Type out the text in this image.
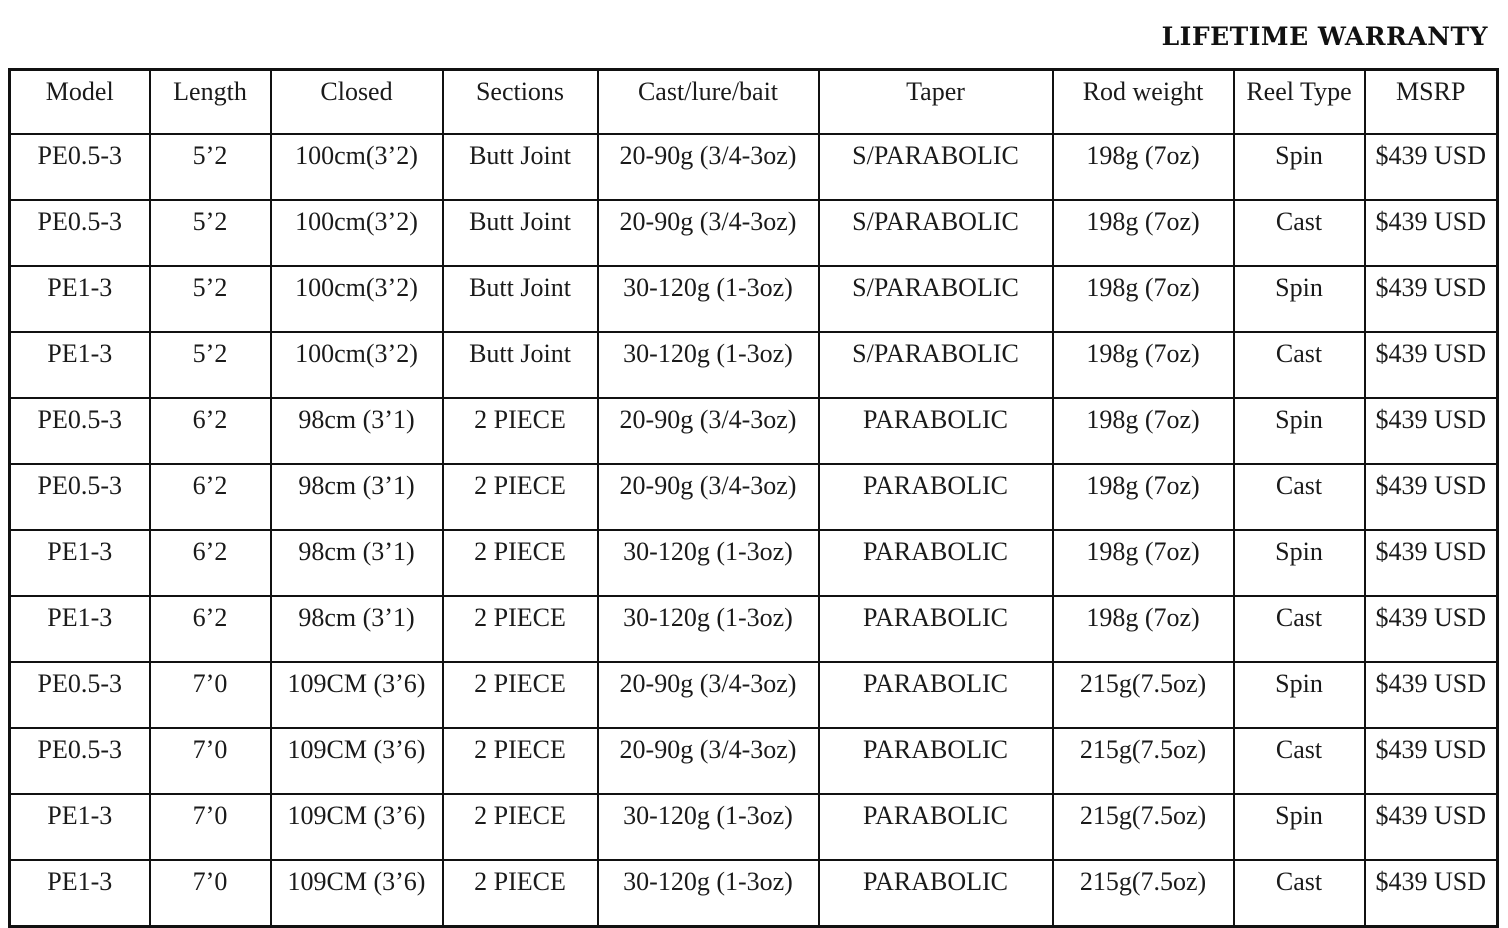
LIFETIME WARRANTY
Model	Length	Closed	Sections	Cast/lure/bait	Taper	Rod weight	Reel Type	MSRP
PE0.5-3	5’2	100cm(3’2)	Butt Joint	20-90g (3/4-3oz)	S/PARABOLIC	198g (7oz)	Spin	$439 USD
PE0.5-3	5’2	100cm(3’2)	Butt Joint	20-90g (3/4-3oz)	S/PARABOLIC	198g (7oz)	Cast	$439 USD
PE1-3	5’2	100cm(3’2)	Butt Joint	30-120g (1-3oz)	S/PARABOLIC	198g (7oz)	Spin	$439 USD
PE1-3	5’2	100cm(3’2)	Butt Joint	30-120g (1-3oz)	S/PARABOLIC	198g (7oz)	Cast	$439 USD
PE0.5-3	6’2	98cm (3’1)	2 PIECE	20-90g (3/4-3oz)	PARABOLIC	198g (7oz)	Spin	$439 USD
PE0.5-3	6’2	98cm (3’1)	2 PIECE	20-90g (3/4-3oz)	PARABOLIC	198g (7oz)	Cast	$439 USD
PE1-3	6’2	98cm (3’1)	2 PIECE	30-120g (1-3oz)	PARABOLIC	198g (7oz)	Spin	$439 USD
PE1-3	6’2	98cm (3’1)	2 PIECE	30-120g (1-3oz)	PARABOLIC	198g (7oz)	Cast	$439 USD
PE0.5-3	7’0	109CM (3’6)	2 PIECE	20-90g (3/4-3oz)	PARABOLIC	215g(7.5oz)	Spin	$439 USD
PE0.5-3	7’0	109CM (3’6)	2 PIECE	20-90g (3/4-3oz)	PARABOLIC	215g(7.5oz)	Cast	$439 USD
PE1-3	7’0	109CM (3’6)	2 PIECE	30-120g (1-3oz)	PARABOLIC	215g(7.5oz)	Spin	$439 USD
PE1-3	7’0	109CM (3’6)	2 PIECE	30-120g (1-3oz)	PARABOLIC	215g(7.5oz)	Cast	$439 USD
